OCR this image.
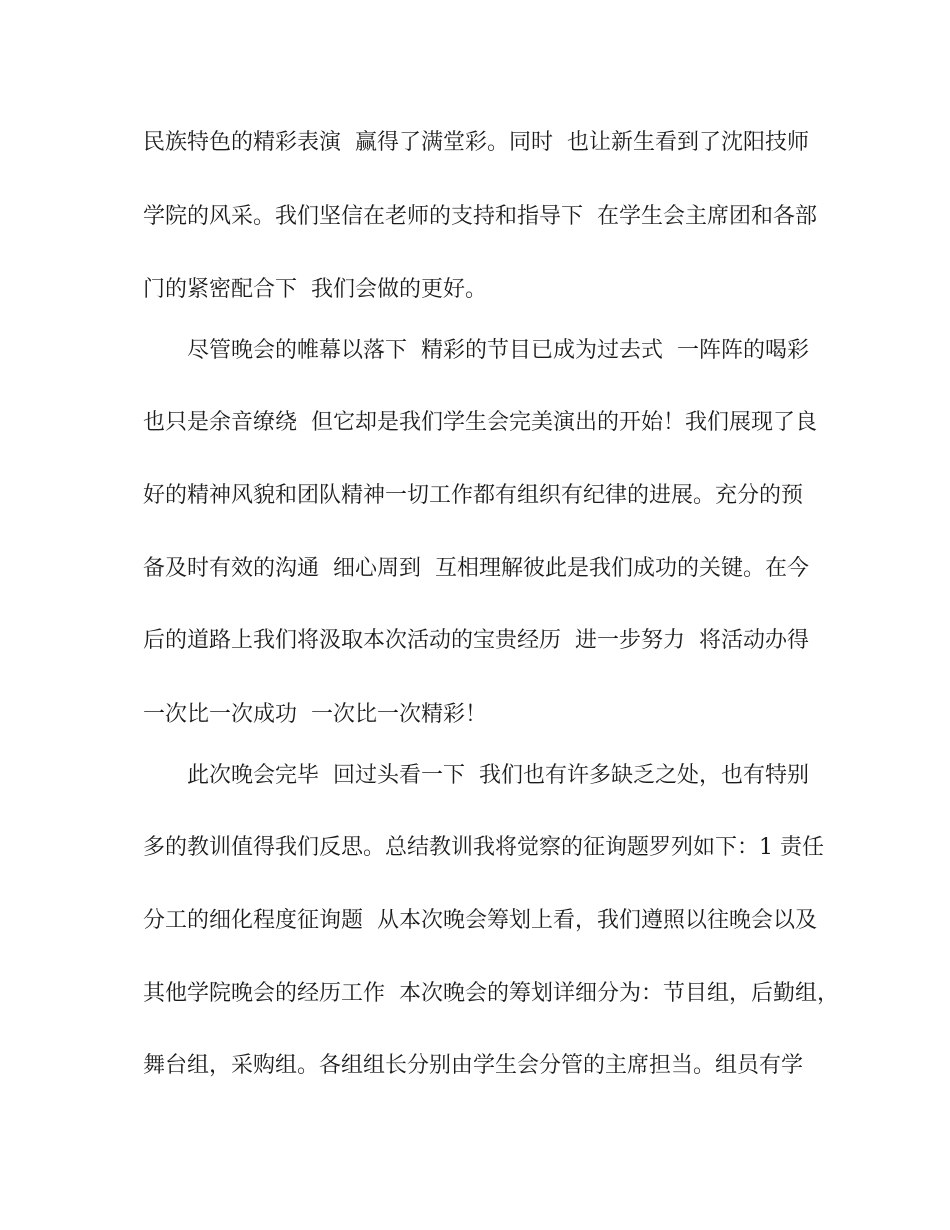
民族特色的精彩表演  赢得了满堂彩。同时  也让新生看到了沈阳技师
学院的风采。我们坚信在老师的支持和指导下  在学生会主席团和各部
门的紧密配合下  我们会做的更好。
尽管晚会的帷幕以落下  精彩的节目已成为过去式  一阵阵的喝彩
也只是余音缭绕  但它却是我们学生会完美演出的开始！我们展现了良
好的精神风貌和团队精神一切工作都有组织有纪律的进展。充分的预
备及时有效的沟通  细心周到  互相理解彼此是我们成功的关键。在今
后的道路上我们将汲取本次活动的宝贵经历  进一步努力  将活动办得
一次比一次成功  一次比一次精彩！
此次晚会完毕  回过头看一下  我们也有许多缺乏之处，也有特别
多的教训值得我们反思。总结教训我将觉察的征询题罗列如下：1 责任
分工的细化程度征询题  从本次晚会筹划上看，我们遵照以往晚会以及
其他学院晚会的经历工作  本次晚会的筹划详细分为：节目组，后勤组，
舞台组，采购组。各组组长分别由学生会分管的主席担当。组员有学
